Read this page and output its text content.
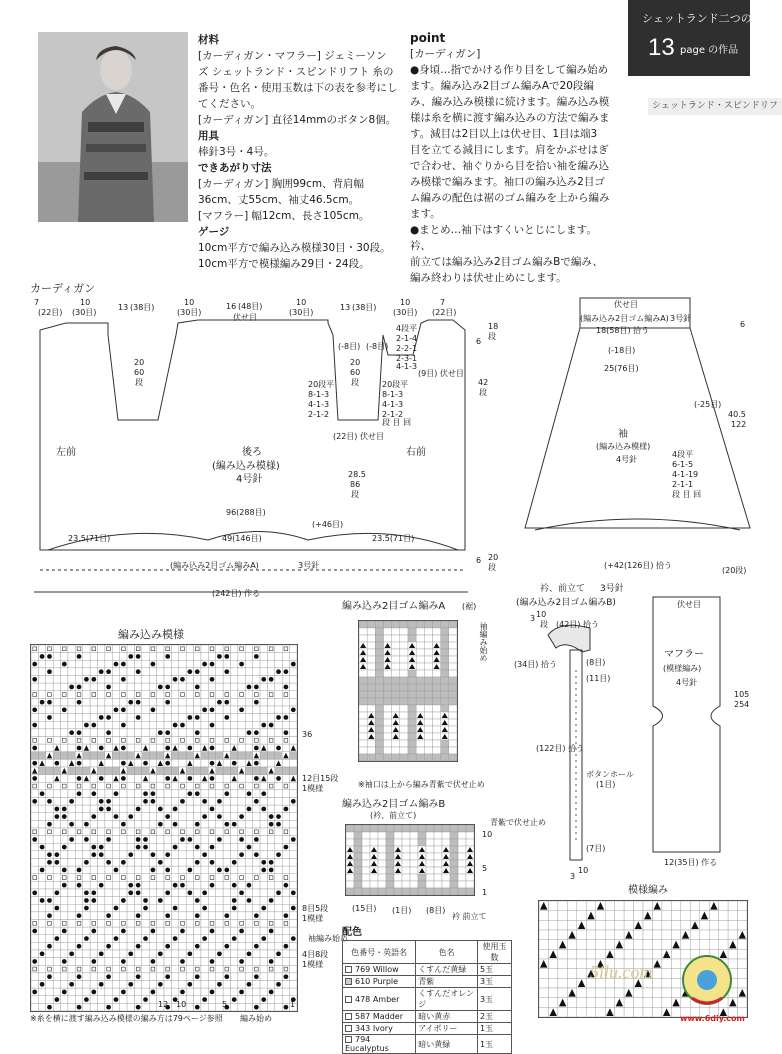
シェットランド二つの
13 page の作品
シェットランド・スピンドリフ
材料
[カーディガン・マフラー] ジェミーソン
ズ シェットランド・スピンドリフト 糸の
番号・色名・使用玉数は下の表を参考にし
てください。
[カーディガン] 直径14mmのボタン8個。
用具
棒針3号・4号。
できあがり寸法
[カーディガン] 胸囲99cm、背肩幅
36cm、丈55cm、袖丈46.5cm。
[マフラー] 幅12cm、長さ105cm。
ゲージ
10cm平方で編み込み模様30目・30段。
10cm平方で模様編み29目・24段。
point
[カーディガン]
●身頃…指でかける作り目をして編み始め
ます。編み込み2目ゴム編みAで20段編
み、編み込み模様に続けます。編み込み模
様は糸を横に渡す編み込みの方法で編みま
す。減目は2目以上は伏せ目、1目は端3
目を立てる減目にします。肩をかぶせはぎ
で合わせ、袖ぐりから目を拾い袖を編み込
み模様で編みます。袖口の編み込み2目ゴ
ム編みの配色は裾のゴム編みを上から編み
ます。
●まとめ…袖下はすくいとじにします。衿、
前立ては編み込み2目ゴム編みBで編み、
編み終わりは伏せ止めにします。
カーディガン
7
(22目)
10
(30目)
13 (38目)
10
(30目)
16 (48目)
伏せ目
10
(30目)
13 (38目)
10
(30目)
7
(22目)
20
60
段
20
60
段
(-8目) (-8目)
4段平
2-1-4
2-2-1
2-3-1
4-1-3
(9目) 伏せ目
20段平
8-1-3
4-1-3
2-1-2
20段平
8-1-3
4-1-3
2-1-2
段 目 回
(22目) 伏せ目
18
段
6
42
段
左前	後ろ
(編み込み模様)
4号針
右前
28.5
86
段
96(288目)
(+46目)
23.5(71目)	49(146目)	23.5(71目)
(編み込み2目ゴム編みA)	3号針
(242目) 作る
6 20
段
伏せ目
(編み込み2目ゴム編みA) 3号針
18(58目) 拾う
(-18目)
25(76目)
(-25目)
袖
(編み込み模様)
4号針
4段平
6-1-5
4-1-19
2-1-1
段 目 回
(+42(126目) 拾う
40.5
122
6
(20段)
衿、前立て 3号針
(編み込み2目ゴム編みB)
3 10
段 (42目) 拾う
(34目) 拾う	(8目)
(11目)
(122目) 拾う
ボタンホール
(1目)
(7目)
3
10
伏せ目
マフラー
(模様編み)
4号針
12(35目) 作る
105
254
編み込み模様
36
12目15段
1模様
8目5段
1模様
4目8段
1模様
袖編み始め
編み始め
※糸を横に渡す編み込み模様の編み方は79ページ参照
12 10	5	1
編み込み2目ゴム編みA (裾)
袖編み始め
※袖口は上から編み青紫で伏せ止め
編み込み2目ゴム編みB
(衿、前立て)
青紫で伏せ止め
10
5
1
(15目) (1目) (8目)
衿 前立て
配色
色番号・英語名	色名	使用玉数
769 Willow	くすんだ黄緑	5玉
610 Purple	青紫	3玉
478 Amber	くすんだオレンジ	3玉
587 Madder	暗い黄赤	2玉
343 Ivory	アイボリー	1玉
794 Eucalyptus	暗い黄緑	1玉
模様編み
5ilu.com
www.6diy.com
